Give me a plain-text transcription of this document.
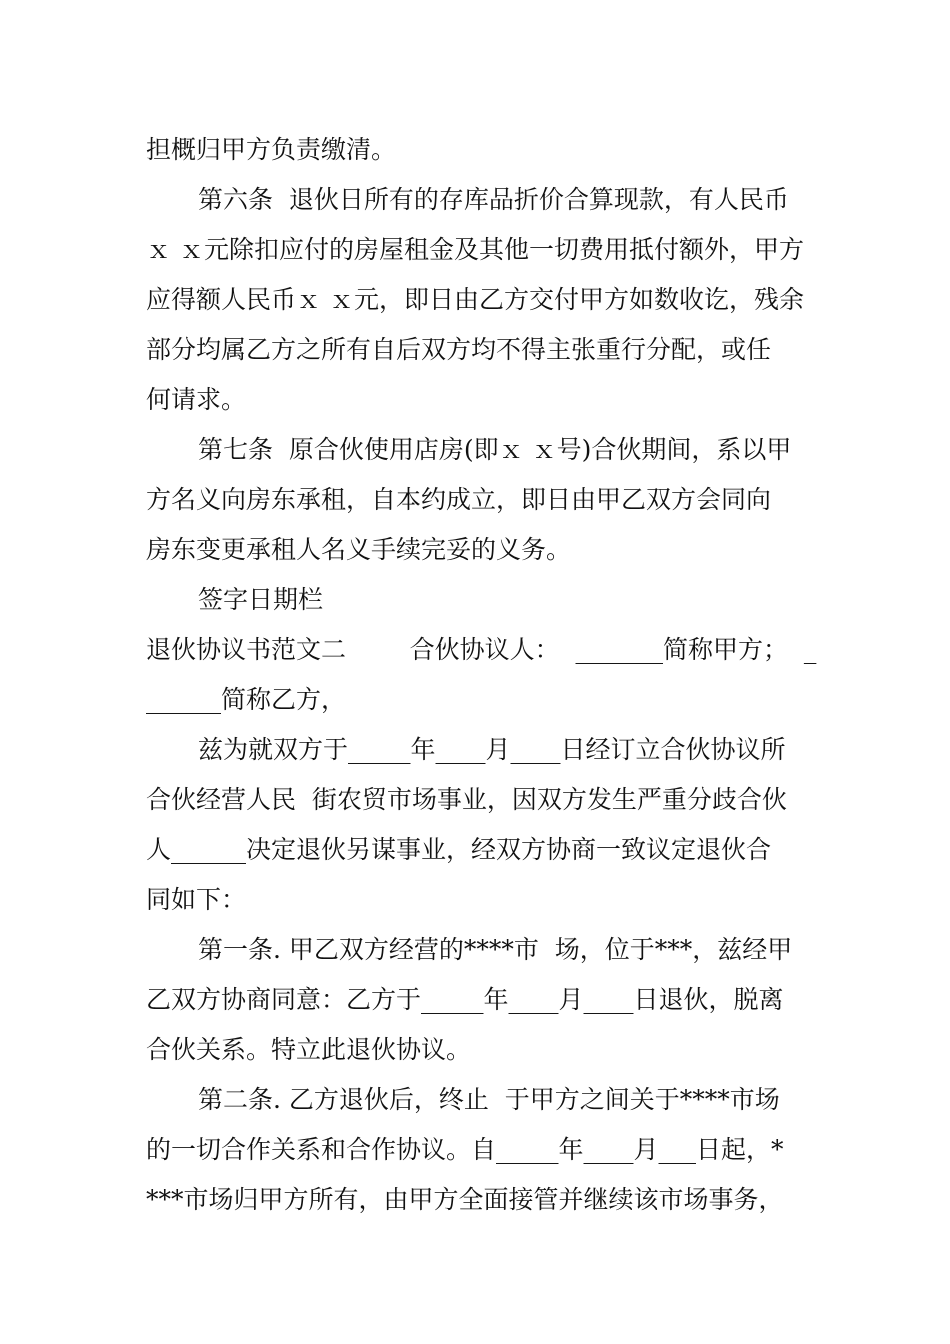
担概归甲方负责缴清。
第六条  退伙日所有的存库品折价合算现款，有人民币
ｘ ｘ元除扣应付的房屋租金及其他一切费用抵付额外，甲方
应得额人民币ｘ ｘ元，即日由乙方交付甲方如数收讫，残余
部分均属乙方之所有自后双方均不得主张重行分配，或任
何请求。
第七条  原合伙使用店房(即ｘ ｘ号)合伙期间，系以甲
方名义向房东承租，自本约成立，即日由甲乙双方会同向
房东变更承租人名义手续完妥的义务。
签字日期栏
退伙协议书范文二        合伙协议人：  _______简称甲方；  _
______简称乙方，
兹为就双方于_____年____月____日经订立合伙协议所
合伙经营人民  街农贸市场事业，因双方发生严重分歧合伙
人______决定退伙另谋事业，经双方协商一致议定退伙合
同如下：
第一条. 甲乙双方经营的****市  场，位于***，兹经甲
乙双方协商同意：乙方于_____年____月____日退伙，脱离
合伙关系。特立此退伙协议。
第二条. 乙方退伙后，终止  于甲方之间关于****市场
的一切合作关系和合作协议。自_____年____月___日起，*
***市场归甲方所有，由甲方全面接管并继续该市场事务，
